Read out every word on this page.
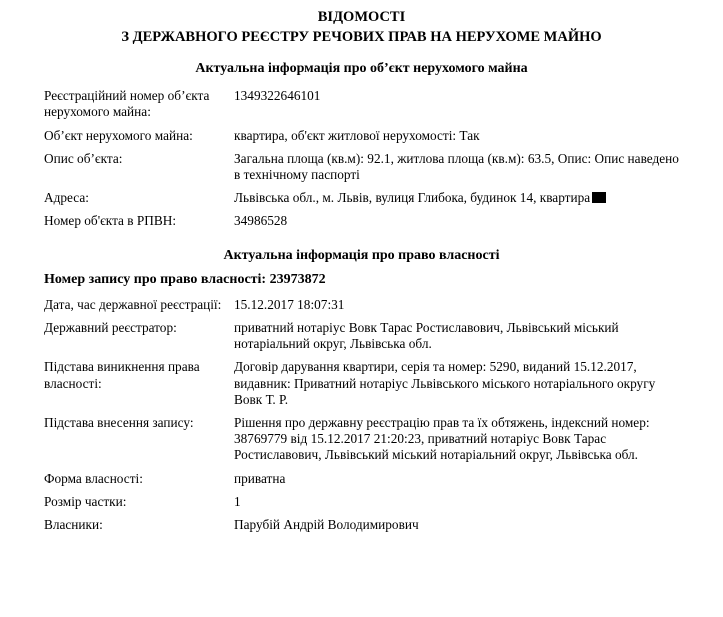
ВІДОМОСТІ
З ДЕРЖАВНОГО РЕЄСТРУ РЕЧОВИХ ПРАВ НА НЕРУХОМЕ МАЙНО
Актуальна інформація про об’єкт нерухомого майна
Реєстраційний номер об’єкта нерухомого майна:	1349322646101
Об’єкт нерухомого майна:	квартира, об'єкт житлової нерухомості: Так
Опис об’єкта:	Загальна площа (кв.м): 92.1, житлова площа (кв.м): 63.5, Опис: Опис наведено в технічному паспорті
Адреса:	Львівська обл., м. Львів, вулиця Глибока, будинок 14, квартира
Номер об'єкта в РПВН:	34986528
Актуальна інформація про право власності
Номер запису про право власності: 23973872
Дата, час державної реєстрації:	15.12.2017 18:07:31
Державний реєстратор:	приватний нотаріус Вовк Тарас Ростиславович, Львівський міський нотаріальний округ, Львівська обл.
Підстава виникнення права власності:	Договір дарування квартири, серія та номер: 5290, виданий 15.12.2017, видавник: Приватний нотаріус Львівського міського нотаріального округу Вовк Т. Р.
Підстава внесення запису:	Рішення про державну реєстрацію прав та їх обтяжень, індексний номер: 38769779 від 15.12.2017 21:20:23, приватний нотаріус Вовк Тарас Ростиславович, Львівський міський нотаріальний округ, Львівська обл.
Форма власності:	приватна
Розмір частки:	1
Власники:	Парубій Андрій Володимирович
